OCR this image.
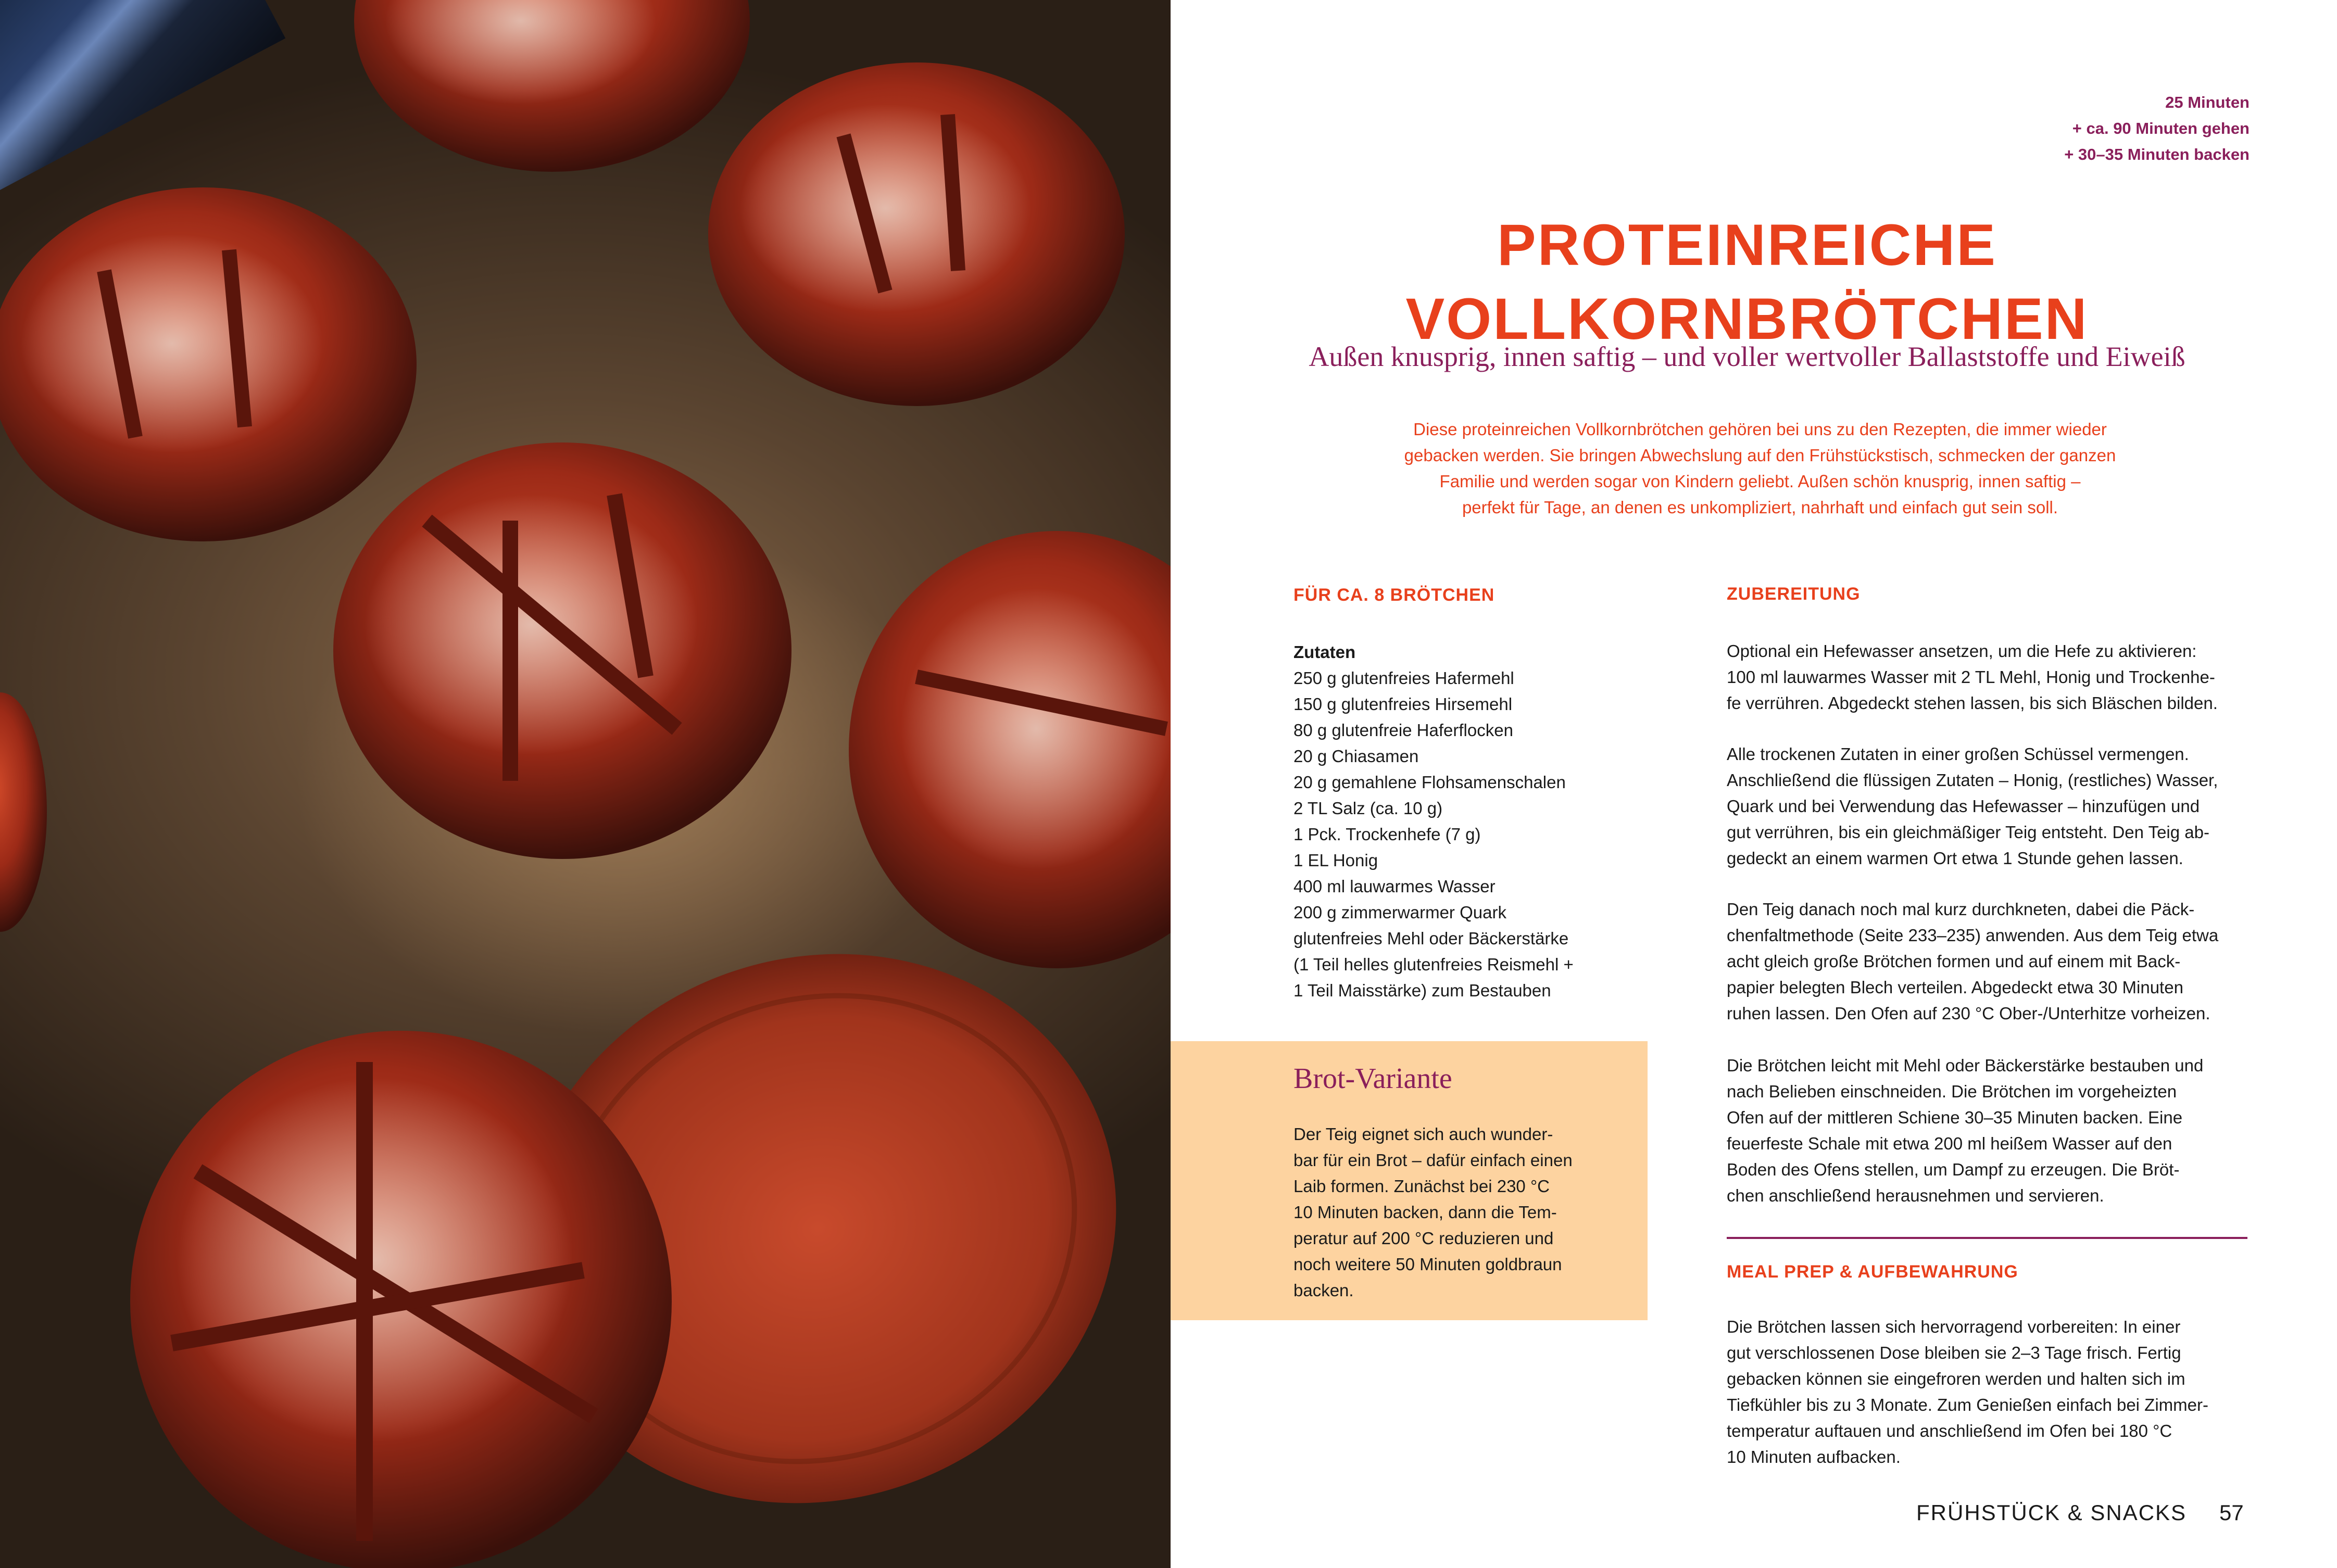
25 Minuten
+ ca. 90 Minuten gehen
+ 30–35 Minuten backen
PROTEINREICHE
VOLLKORNBRÖTCHEN
Außen knusprig, innen saftig – und voller wertvoller Ballaststoffe und Eiweiß
Diese proteinreichen Vollkornbrötchen gehören bei uns zu den Rezepten, die immer wieder
gebacken werden. Sie bringen Abwechslung auf den Frühstückstisch, schmecken der ganzen
Familie und werden sogar von Kindern geliebt. Außen schön knusprig, innen saftig –
perfekt für Tage, an denen es unkompliziert, nahrhaft und einfach gut sein soll.
FÜR CA. 8 BRÖTCHEN
Zutaten
250 g glutenfreies Hafermehl
150 g glutenfreies Hirsemehl
80 g glutenfreie Haferflocken
20 g Chiasamen
20 g gemahlene Flohsamenschalen
2 TL Salz (ca. 10 g)
1 Pck. Trockenhefe (7 g)
1 EL Honig
400 ml lauwarmes Wasser
200 g zimmerwarmer Quark
glutenfreies Mehl oder Bäckerstärke
(1 Teil helles glutenfreies Reismehl +
1 Teil Maisstärke) zum Bestauben
Brot-Variante
Der Teig eignet sich auch wunder-
bar für ein Brot – dafür einfach einen
Laib formen. Zunächst bei 230 °C
10 Minuten backen, dann die Tem-
peratur auf 200 °C reduzieren und
noch weitere 50 Minuten goldbraun
backen.
ZUBEREITUNG
Optional ein Hefewasser ansetzen, um die Hefe zu aktivieren:
100 ml lauwarmes Wasser mit 2 TL Mehl, Honig und Trockenhe-
fe verrühren. Abgedeckt stehen lassen, bis sich Bläschen bilden.
Alle trockenen Zutaten in einer großen Schüssel vermengen.
Anschließend die flüssigen Zutaten – Honig, (restliches) Wasser,
Quark und bei Verwendung das Hefewasser – hinzufügen und
gut verrühren, bis ein gleichmäßiger Teig entsteht. Den Teig ab-
gedeckt an einem warmen Ort etwa 1 Stunde gehen lassen.
Den Teig danach noch mal kurz durchkneten, dabei die Päck-
chenfaltmethode (Seite 233–235) anwenden. Aus dem Teig etwa
acht gleich große Brötchen formen und auf einem mit Back-
papier belegten Blech verteilen. Abgedeckt etwa 30 Minuten
ruhen lassen. Den Ofen auf 230 °C Ober-/Unterhitze vorheizen.
Die Brötchen leicht mit Mehl oder Bäckerstärke bestauben und
nach Belieben einschneiden. Die Brötchen im vorgeheizten
Ofen auf der mittleren Schiene 30–35 Minuten backen. Eine
feuerfeste Schale mit etwa 200 ml heißem Wasser auf den
Boden des Ofens stellen, um Dampf zu erzeugen. Die Bröt-
chen anschließend herausnehmen und servieren.
MEAL PREP & AUFBEWAHRUNG
Die Brötchen lassen sich hervorragend vorbereiten: In einer
gut verschlossenen Dose bleiben sie 2–3 Tage frisch. Fertig
gebacken können sie eingefroren werden und halten sich im
Tiefkühler bis zu 3 Monate. Zum Genießen einfach bei Zimmer-
temperatur auftauen und anschließend im Ofen bei 180 °C
10 Minuten aufbacken.
FRÜHSTÜCK & SNACKS 57
